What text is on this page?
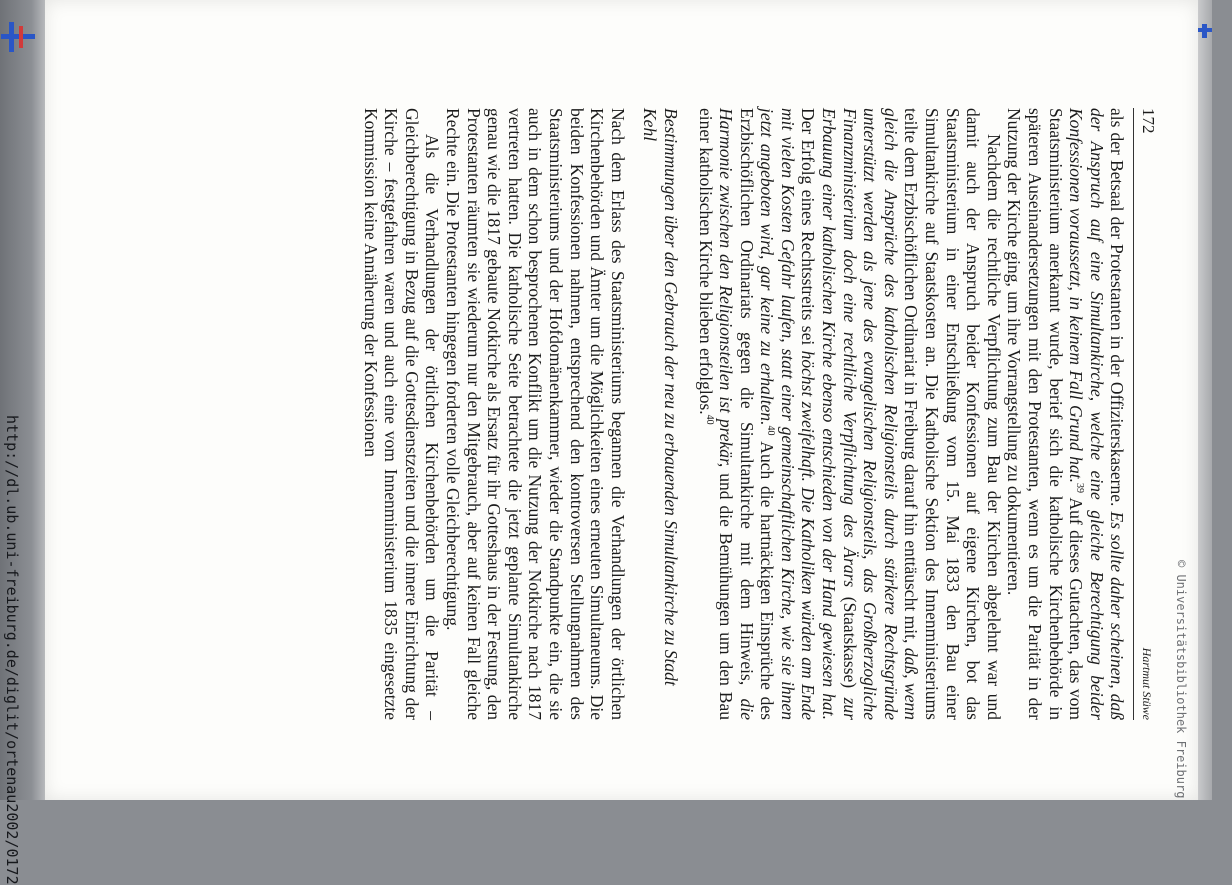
http://dl.ub.uni-freiburg.de/diglit/ortenau2002/0172
172
Hartmut Stüwe

als der Betsaal der Protestanten in der Offiziterskaserne. Es sollte daher scheinen, daß der Anspruch auf eine Simultankirche, welche eine gleiche Berechtigung beider Konfessionen voraussetzt, in keinem Fall Grund hat.$^{39}$ Auf dieses Gutachten, das vom Staatsministerium anerkannt wurde, berief sich die katholische Kirchenbehörde in späteren Auseinandersetzungen mit den Protestanten, wenn es um die Parität in der Nutzung der Kirche ging, um ihre Vorrangstellung zu dokumentieren.

Nachdem die rechtliche Verpflichtung zum Bau der Kirchen abgelehnt war und damit auch der Anspruch beider Konfessionen auf eigene Kirchen, bot das Staatsministerium in einer Entschließung vom 15. Mai 1833 den Bau einer Simultankirche auf Staatskosten an. Die Katholische Sektion des Innenministeriums teilte dem Erzbischöflichen Ordinariat in Freiburg darauf hin enttäuscht mit, daß, wenn gleich die Ansprüche des katholischen Religionsteils durch stärkere Rechtsgründe unterstützt werden als jene des evangelischen Religionsteils, das Großherzogliche Finanzministerium doch eine rechtliche Verpflichtung des Ärars (Staatskasse) zur Erbauung einer katholischen Kirche ebenso entschieden von der Hand gewiesen hat. Der Erfolg eines Rechtsstreits sei höchst zweifelhaft. Die Katholiken würden am Ende mit vielen Kosten Gefahr laufen, statt einer gemeinschaftlichen Kirche, wie sie ihnen jetzt angeboten wird, gar keine zu erhalten.$^{40}$ Auch die hartnäckigen Einsprüche des Erzbischöflichen Ordinariats gegen die Simultankirche mit dem Hinweis, die Harmonie zwischen den Religionsteilen ist prekär, und die Bemühungen um den Bau einer katholischen Kirche blieben erfolglos.$^{40}$

Bestimmungen über den Gebrauch der neu zu erbauenden Simultankirche zu Stadt Kehl

Nach dem Erlass des Staatsministeriums begannen die Verhandlungen der örtlichen Kirchenbehörden und Ämter um die Möglichkeiten eines erneuten Simultaneums. Die beiden Konfessionen nahmen, entsprechend den kontroversen Stellungnahmen des Staatsministeriums und der Hofdomänenkammer, wieder die Standpunkte ein, die sie auch in dem schon besprochenen Konflikt um die Nutzung der Notkirche nach 1817 vertreten hatten. Die katholische Seite betrachtete die jetzt geplante Simultankirche genau wie die 1817 gebaute Notkirche als Ersatz für ihr Gotteshaus in der Festung, den Protestanten räumten sie wiederum nur den Mitgebrauch, aber auf keinen Fall gleiche Rechte ein. Die Protestanten hingegen forderten volle Gleichberechtigung.

Als die Verhandlungen der örtlichen Kirchenbehörden um die Parität – Gleichberechtigung in Bezug auf die Gottesdienstzeiten und die innere Einrichtung der Kirche – festgefahren waren und auch eine vom Innenministerium 1835 eingesetzte Kommission keine Annäherung der Konfessionen

© Universitätsbibliothek Freiburg
